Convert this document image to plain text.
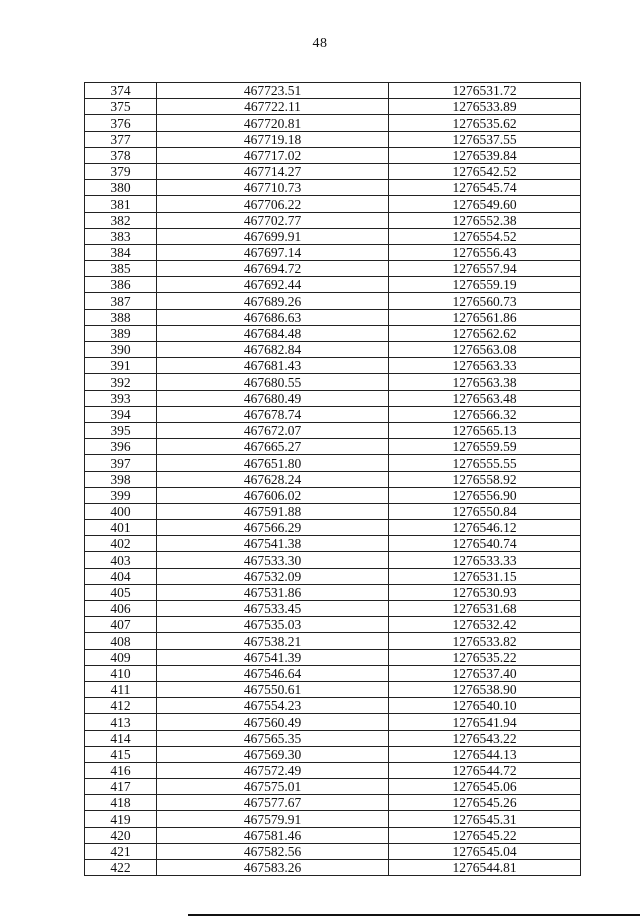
48
374	467723.51	1276531.72
375	467722.11	1276533.89
376	467720.81	1276535.62
377	467719.18	1276537.55
378	467717.02	1276539.84
379	467714.27	1276542.52
380	467710.73	1276545.74
381	467706.22	1276549.60
382	467702.77	1276552.38
383	467699.91	1276554.52
384	467697.14	1276556.43
385	467694.72	1276557.94
386	467692.44	1276559.19
387	467689.26	1276560.73
388	467686.63	1276561.86
389	467684.48	1276562.62
390	467682.84	1276563.08
391	467681.43	1276563.33
392	467680.55	1276563.38
393	467680.49	1276563.48
394	467678.74	1276566.32
395	467672.07	1276565.13
396	467665.27	1276559.59
397	467651.80	1276555.55
398	467628.24	1276558.92
399	467606.02	1276556.90
400	467591.88	1276550.84
401	467566.29	1276546.12
402	467541.38	1276540.74
403	467533.30	1276533.33
404	467532.09	1276531.15
405	467531.86	1276530.93
406	467533.45	1276531.68
407	467535.03	1276532.42
408	467538.21	1276533.82
409	467541.39	1276535.22
410	467546.64	1276537.40
411	467550.61	1276538.90
412	467554.23	1276540.10
413	467560.49	1276541.94
414	467565.35	1276543.22
415	467569.30	1276544.13
416	467572.49	1276544.72
417	467575.01	1276545.06
418	467577.67	1276545.26
419	467579.91	1276545.31
420	467581.46	1276545.22
421	467582.56	1276545.04
422	467583.26	1276544.81
